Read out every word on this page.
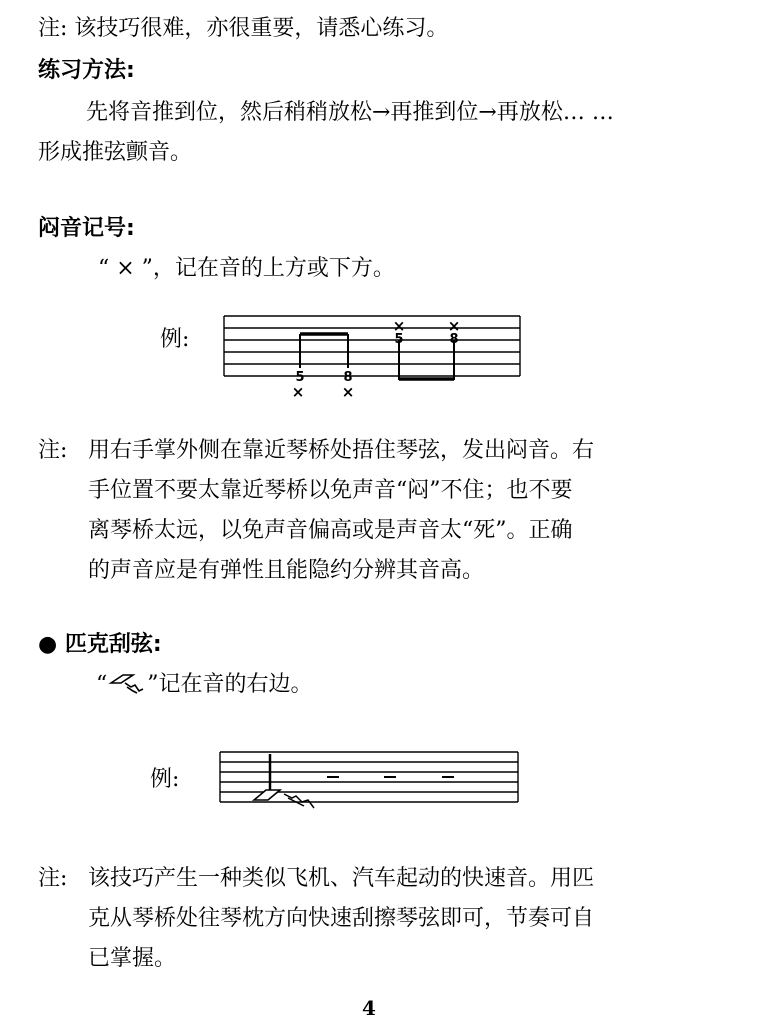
注: 该技巧很难，亦很重要，请悉心练习。
练习方法:
先将音推到位，然后稍稍放松→再推到位→再放松… …
形成推弦颤音。
闷音记号:
“ × ”，记在音的上方或下方。
例:
5	8
5	8
× ×
×	×
注: 用右手掌外侧在靠近琴桥处捂住琴弦，发出闷音。右
手位置不要太靠近琴桥以免声音“闷”不住；也不要
离琴桥太远，以免声音偏高或是声音太“死”。正确
的声音应是有弹性且能隐约分辨其音高。
● 匹克刮弦:
“ ”记在音的右边。
例:
注: 该技巧产生一种类似飞机、汽车起动的快速音。用匹
克从琴桥处往琴枕方向快速刮擦琴弦即可，节奏可自
已掌握。
4
